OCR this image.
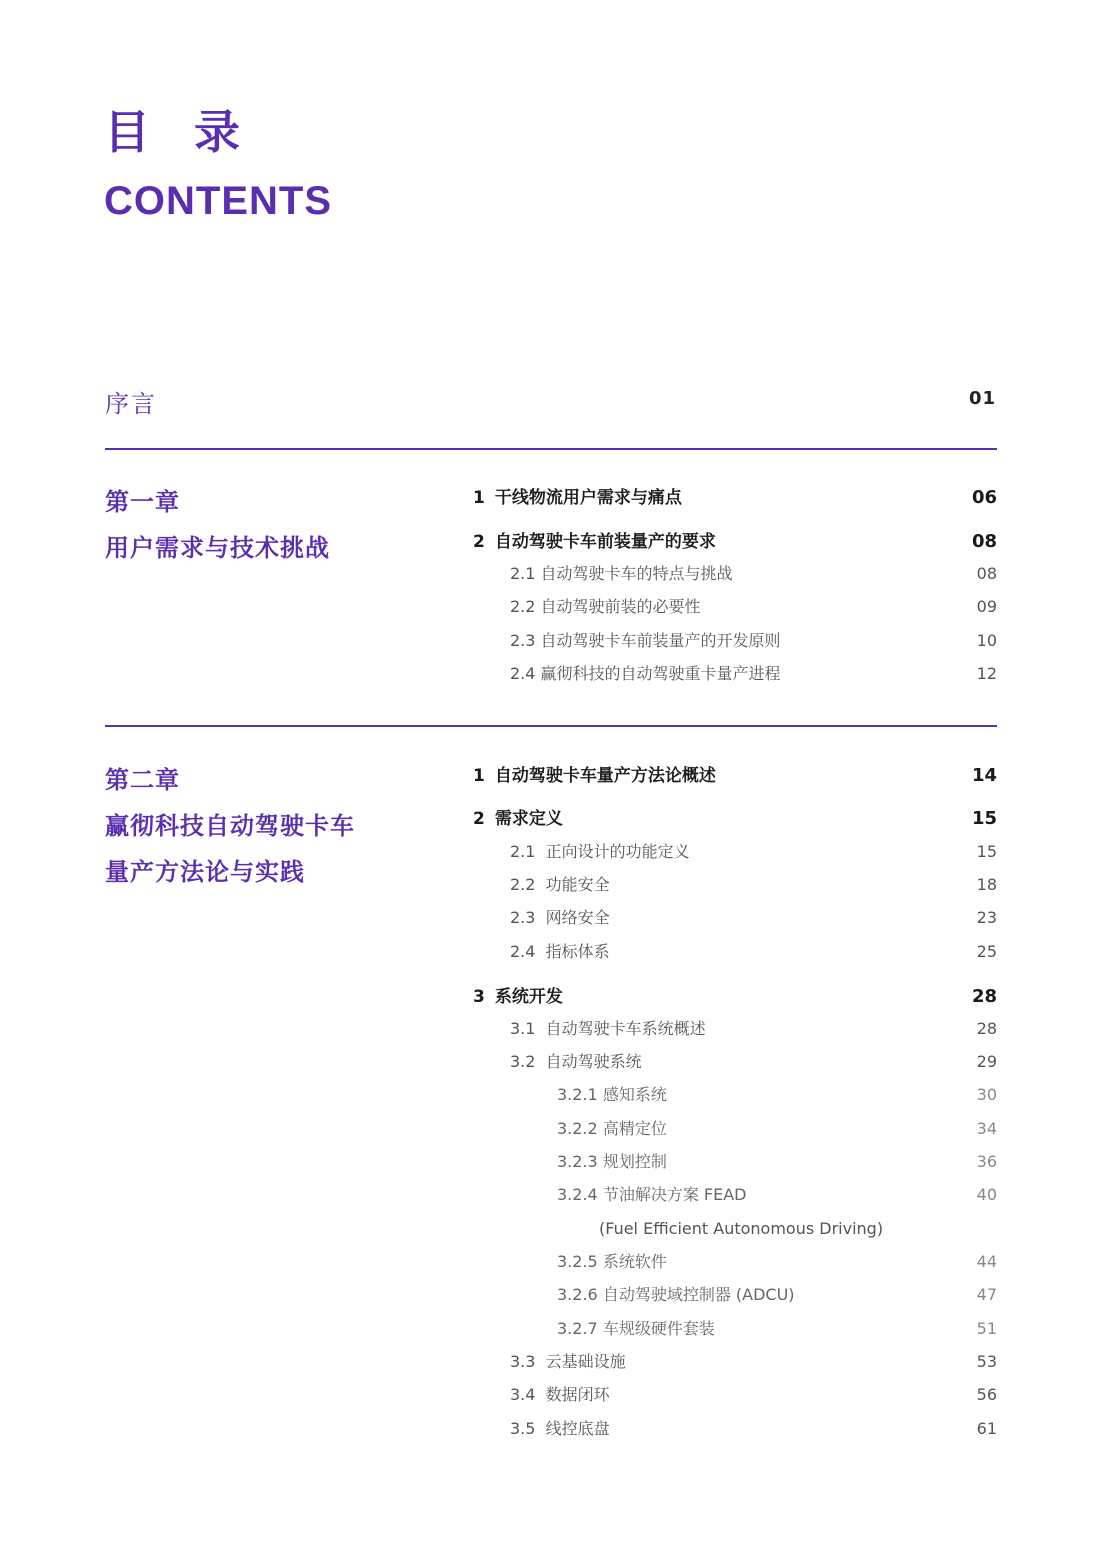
目 录
CONTENTS
序言	01
第一章
用户需求与技术挑战
1 干线物流用户需求与痛点	06
2 自动驾驶卡车前装量产的要求	08
2.1 自动驾驶卡车的特点与挑战	08
2.2 自动驾驶前装的必要性	09
2.3 自动驾驶卡车前装量产的开发原则	10
2.4 赢彻科技的自动驾驶重卡量产进程	12
第二章
赢彻科技自动驾驶卡车
量产方法论与实践
1 自动驾驶卡车量产方法论概述	14
2 需求定义	15
2.1 正向设计的功能定义	15
2.2 功能安全	18
2.3 网络安全	23
2.4 指标体系	25
3 系统开发	28
3.1 自动驾驶卡车系统概述	28
3.2 自动驾驶系统	29
3.2.1 感知系统	30
3.2.2 高精定位	34
3.2.3 规划控制	36
3.2.4 节油解决方案 FEAD	40
(Fuel Efficient Autonomous Driving)
3.2.5 系统软件	44
3.2.6 自动驾驶域控制器 (ADCU)	47
3.2.7 车规级硬件套装	51
3.3 云基础设施	53
3.4 数据闭环	56
3.5 线控底盘	61
